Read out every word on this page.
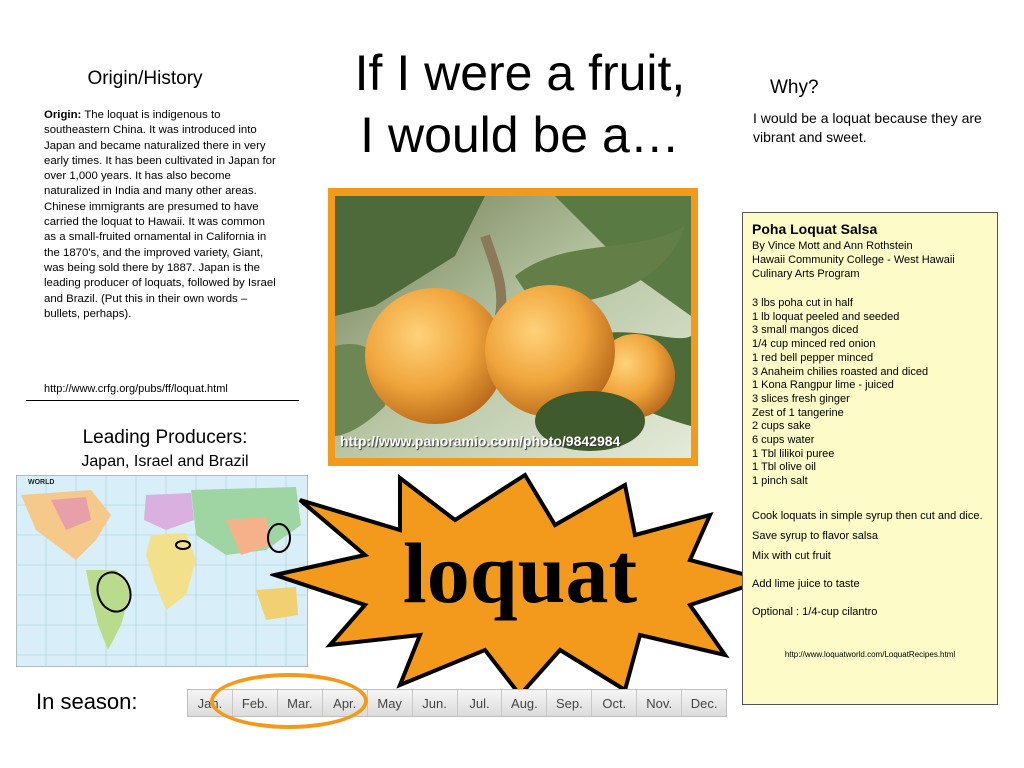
If I were a fruit,
I would be a…
Origin/History
Origin: The loquat is indigenous to southeastern China. It was introduced into Japan and became naturalized there in very early times. It has been cultivated in Japan for over 1,000 years. It has also become naturalized in India and many other areas. Chinese immigrants are presumed to have carried the loquat to Hawaii. It was common as a small-fruited ornamental in California in the 1870's, and the improved variety, Giant, was being sold there by 1887. Japan is the leading producer of loquats, followed by Israel and Brazil. (Put this in their own words – bullets, perhaps).
http://www.crfg.org/pubs/ff/loquat.html
Why?
I would be a loquat because they are vibrant and sweet.
http://www.panoramio.com/photo/9842984
Leading Producers:
Japan, Israel and Brazil
WORLD
loquat
Poha Loquat Salsa
By Vince Mott and Ann Rothstein
Hawaii Community College - West Hawaii
Culinary Arts Program
3 lbs poha cut in half
1 lb loquat peeled and seeded
3 small mangos diced
1/4 cup minced red onion
1 red bell pepper minced
3 Anaheim chilies roasted and diced
1 Kona Rangpur lime - juiced
3 slices fresh ginger
Zest of 1 tangerine
2 cups sake
6 cups water
1 Tbl lilikoi puree
1 Tbl olive oil
1 pinch salt
Cook loquats in simple syrup then cut and dice.
Save syrup to flavor salsa
Mix with cut fruit
Add lime juice to taste
Optional : 1/4-cup cilantro
http://www.loquatworld.com/LoquatRecipes.html
In season:	Jan.	Feb.	Mar.	Apr.	May	Jun.	Jul.	Aug.	Sep.	Oct.	Nov.	Dec.
